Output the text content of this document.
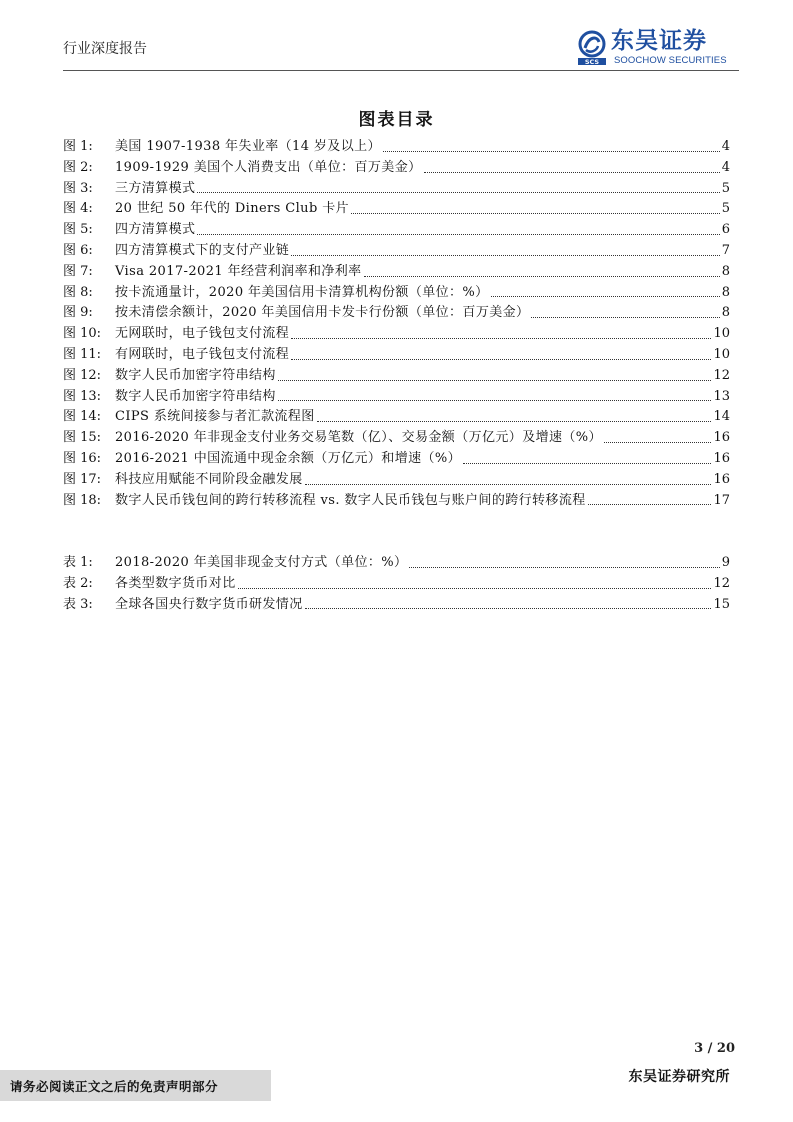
行业深度报告
SCS
东吴证券
SOOCHOW SECURITIES
图表目录
图 1:	美国 1907-1938 年失业率（14 岁及以上）	4
图 2:	1909-1929 美国个人消费支出（单位：百万美金）	4
图 3:	三方清算模式	5
图 4:	20 世纪 50 年代的 Diners Club 卡片	5
图 5:	四方清算模式	6
图 6:	四方清算模式下的支付产业链	7
图 7:	Visa 2017-2021 年经营利润率和净利率	8
图 8:	按卡流通量计，2020 年美国信用卡清算机构份额（单位：%）	8
图 9:	按未清偿余额计，2020 年美国信用卡发卡行份额（单位：百万美金）	8
图 10:	无网联时，电子钱包支付流程	10
图 11:	有网联时，电子钱包支付流程	10
图 12:	数字人民币加密字符串结构	12
图 13:	数字人民币加密字符串结构	13
图 14:	CIPS 系统间接参与者汇款流程图	14
图 15:	2016-2020 年非现金支付业务交易笔数（亿）、交易金额（万亿元）及增速（%）	16
图 16:	2016-2021 中国流通中现金余额（万亿元）和增速（%）	16
图 17:	科技应用赋能不同阶段金融发展	16
图 18:	数字人民币钱包间的跨行转移流程 vs. 数字人民币钱包与账户间的跨行转移流程	17
表 1:	2018-2020 年美国非现金支付方式（单位：%）	9
表 2:	各类型数字货币对比	12
表 3:	全球各国央行数字货币研发情况	15
3 / 20
请务必阅读正文之后的免责声明部分
东吴证券研究所
